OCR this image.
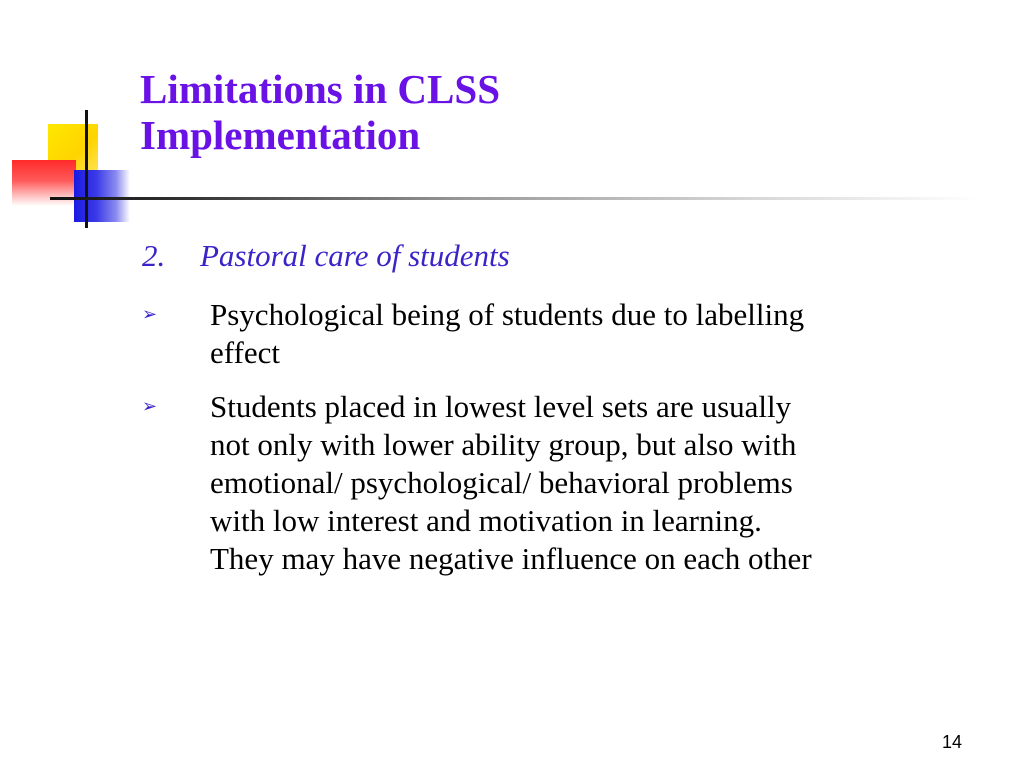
Limitations in CLSS
Implementation

2. Pastoral care of students

➢ Psychological being of students due to labelling
effect
➢ Students placed in lowest level sets are usually
not only with lower ability group, but also with
emotional/ psychological/ behavioral problems
with low interest and motivation in learning.
They may have negative influence on each other
14
